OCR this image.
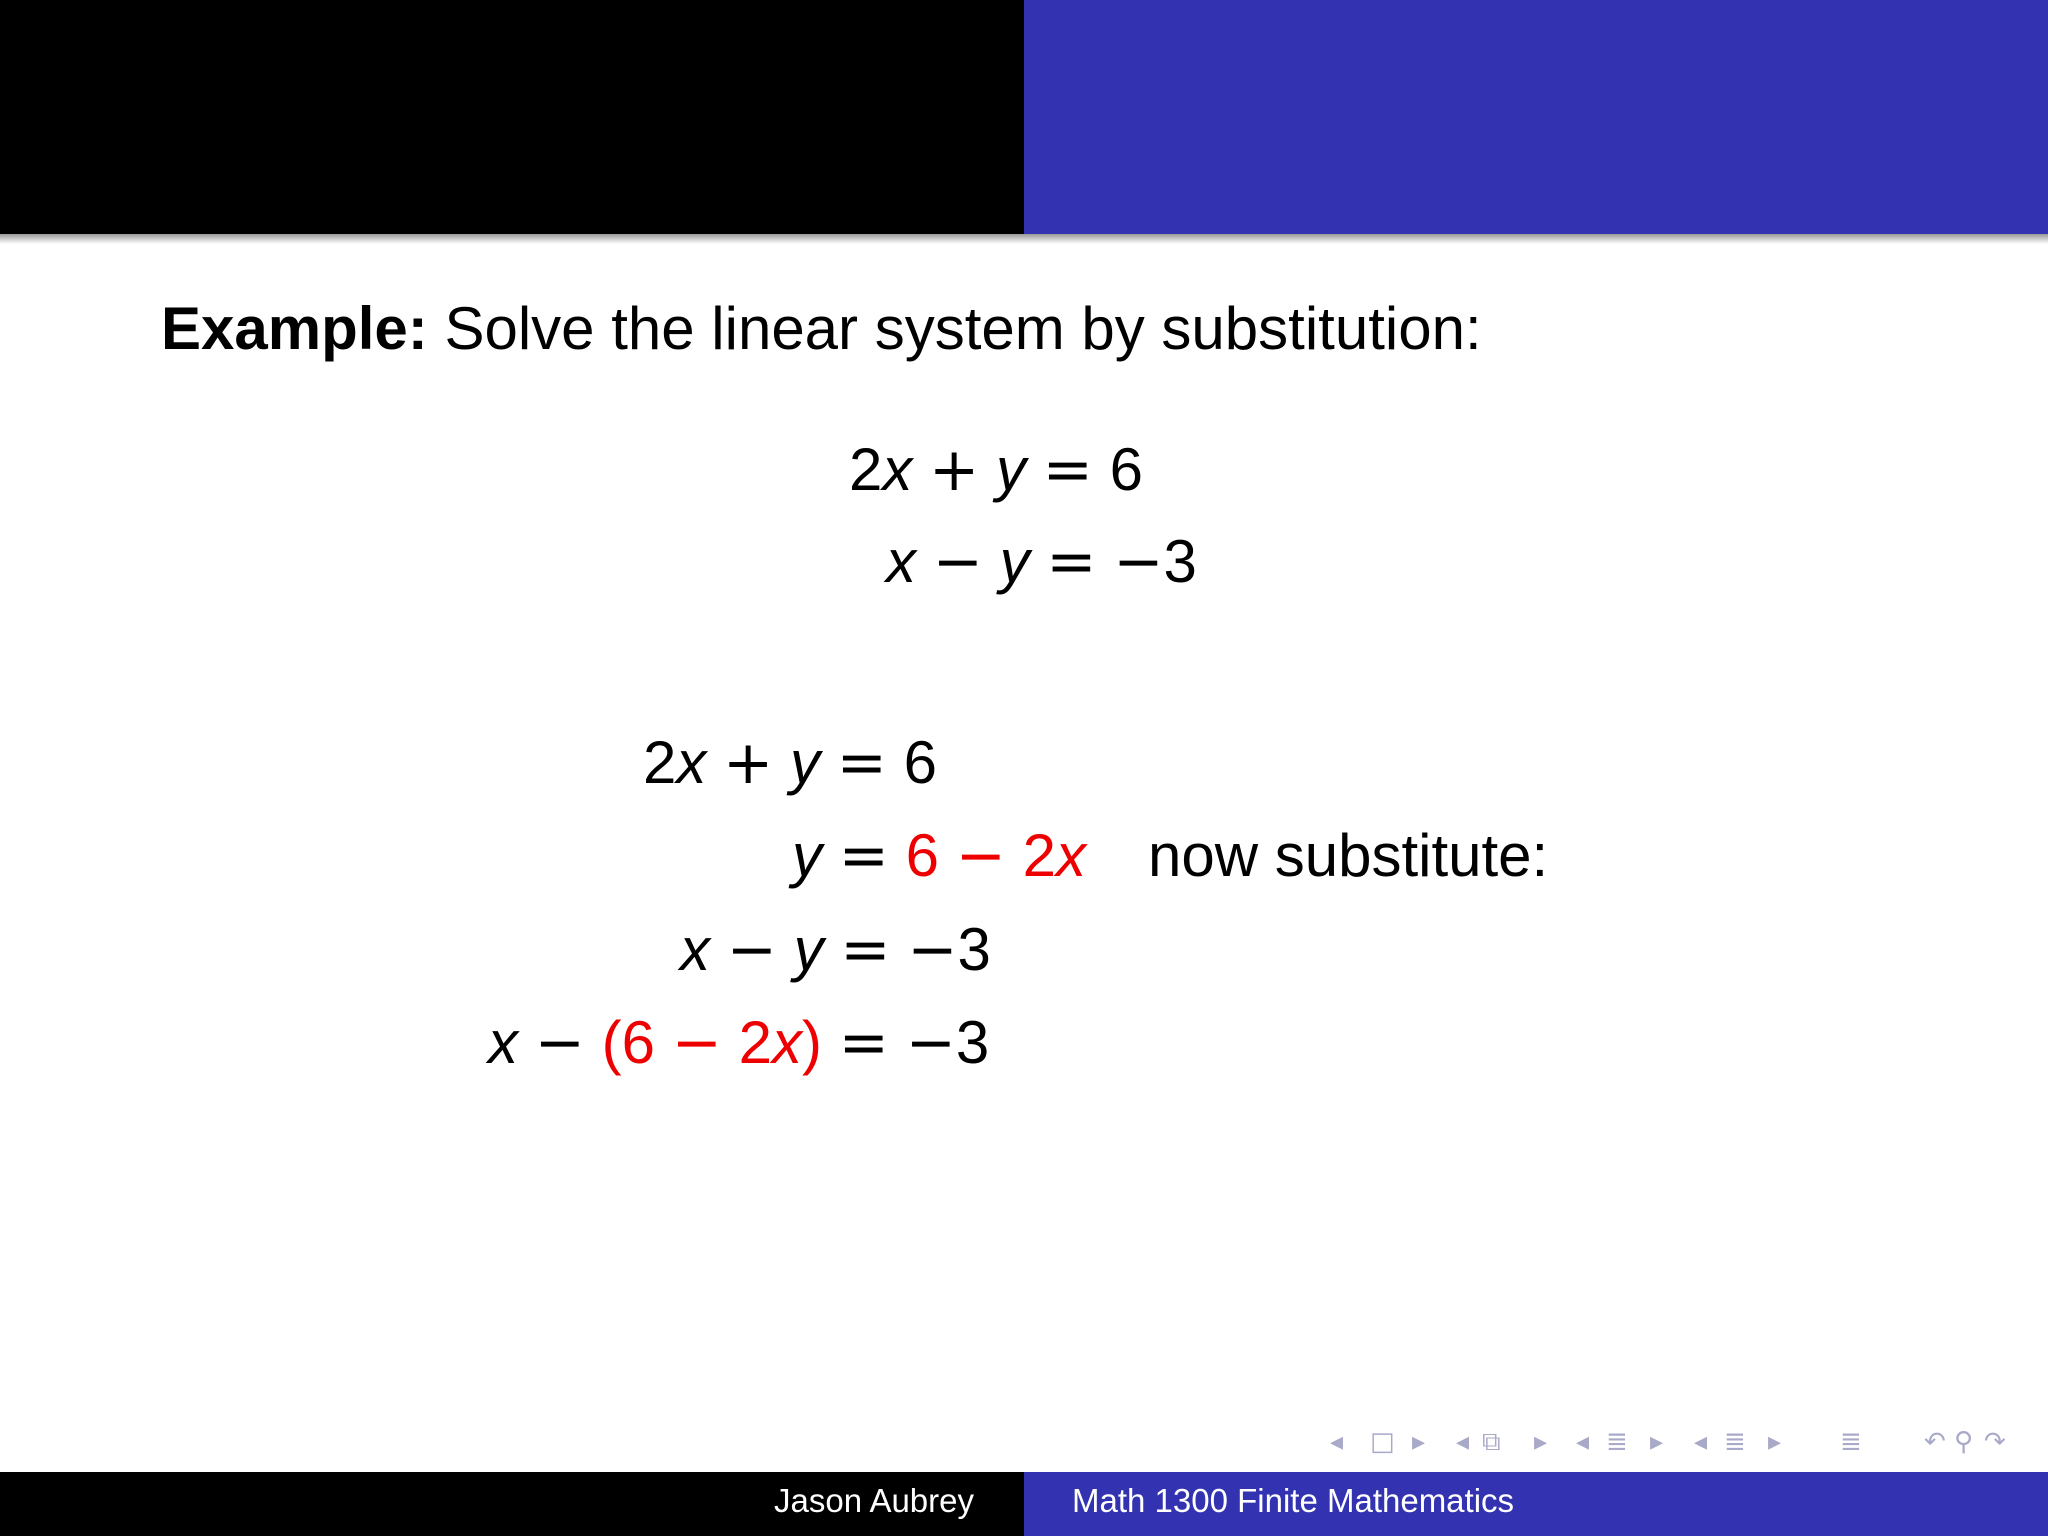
Example: Solve the linear system by substitution:
2x + y = 6
x − y = −3
2x + y = 6
y = 6 − 2x now substitute:
x − y = −3
x − (6 − 2x) = −3
◂ □ ▸ ◂ ⧉ ▸ ◂ ≣ ▸ ◂ ≣ ▸ ≣ ↶ ⚲ ↷
Jason Aubrey	Math 1300 Finite Mathematics
